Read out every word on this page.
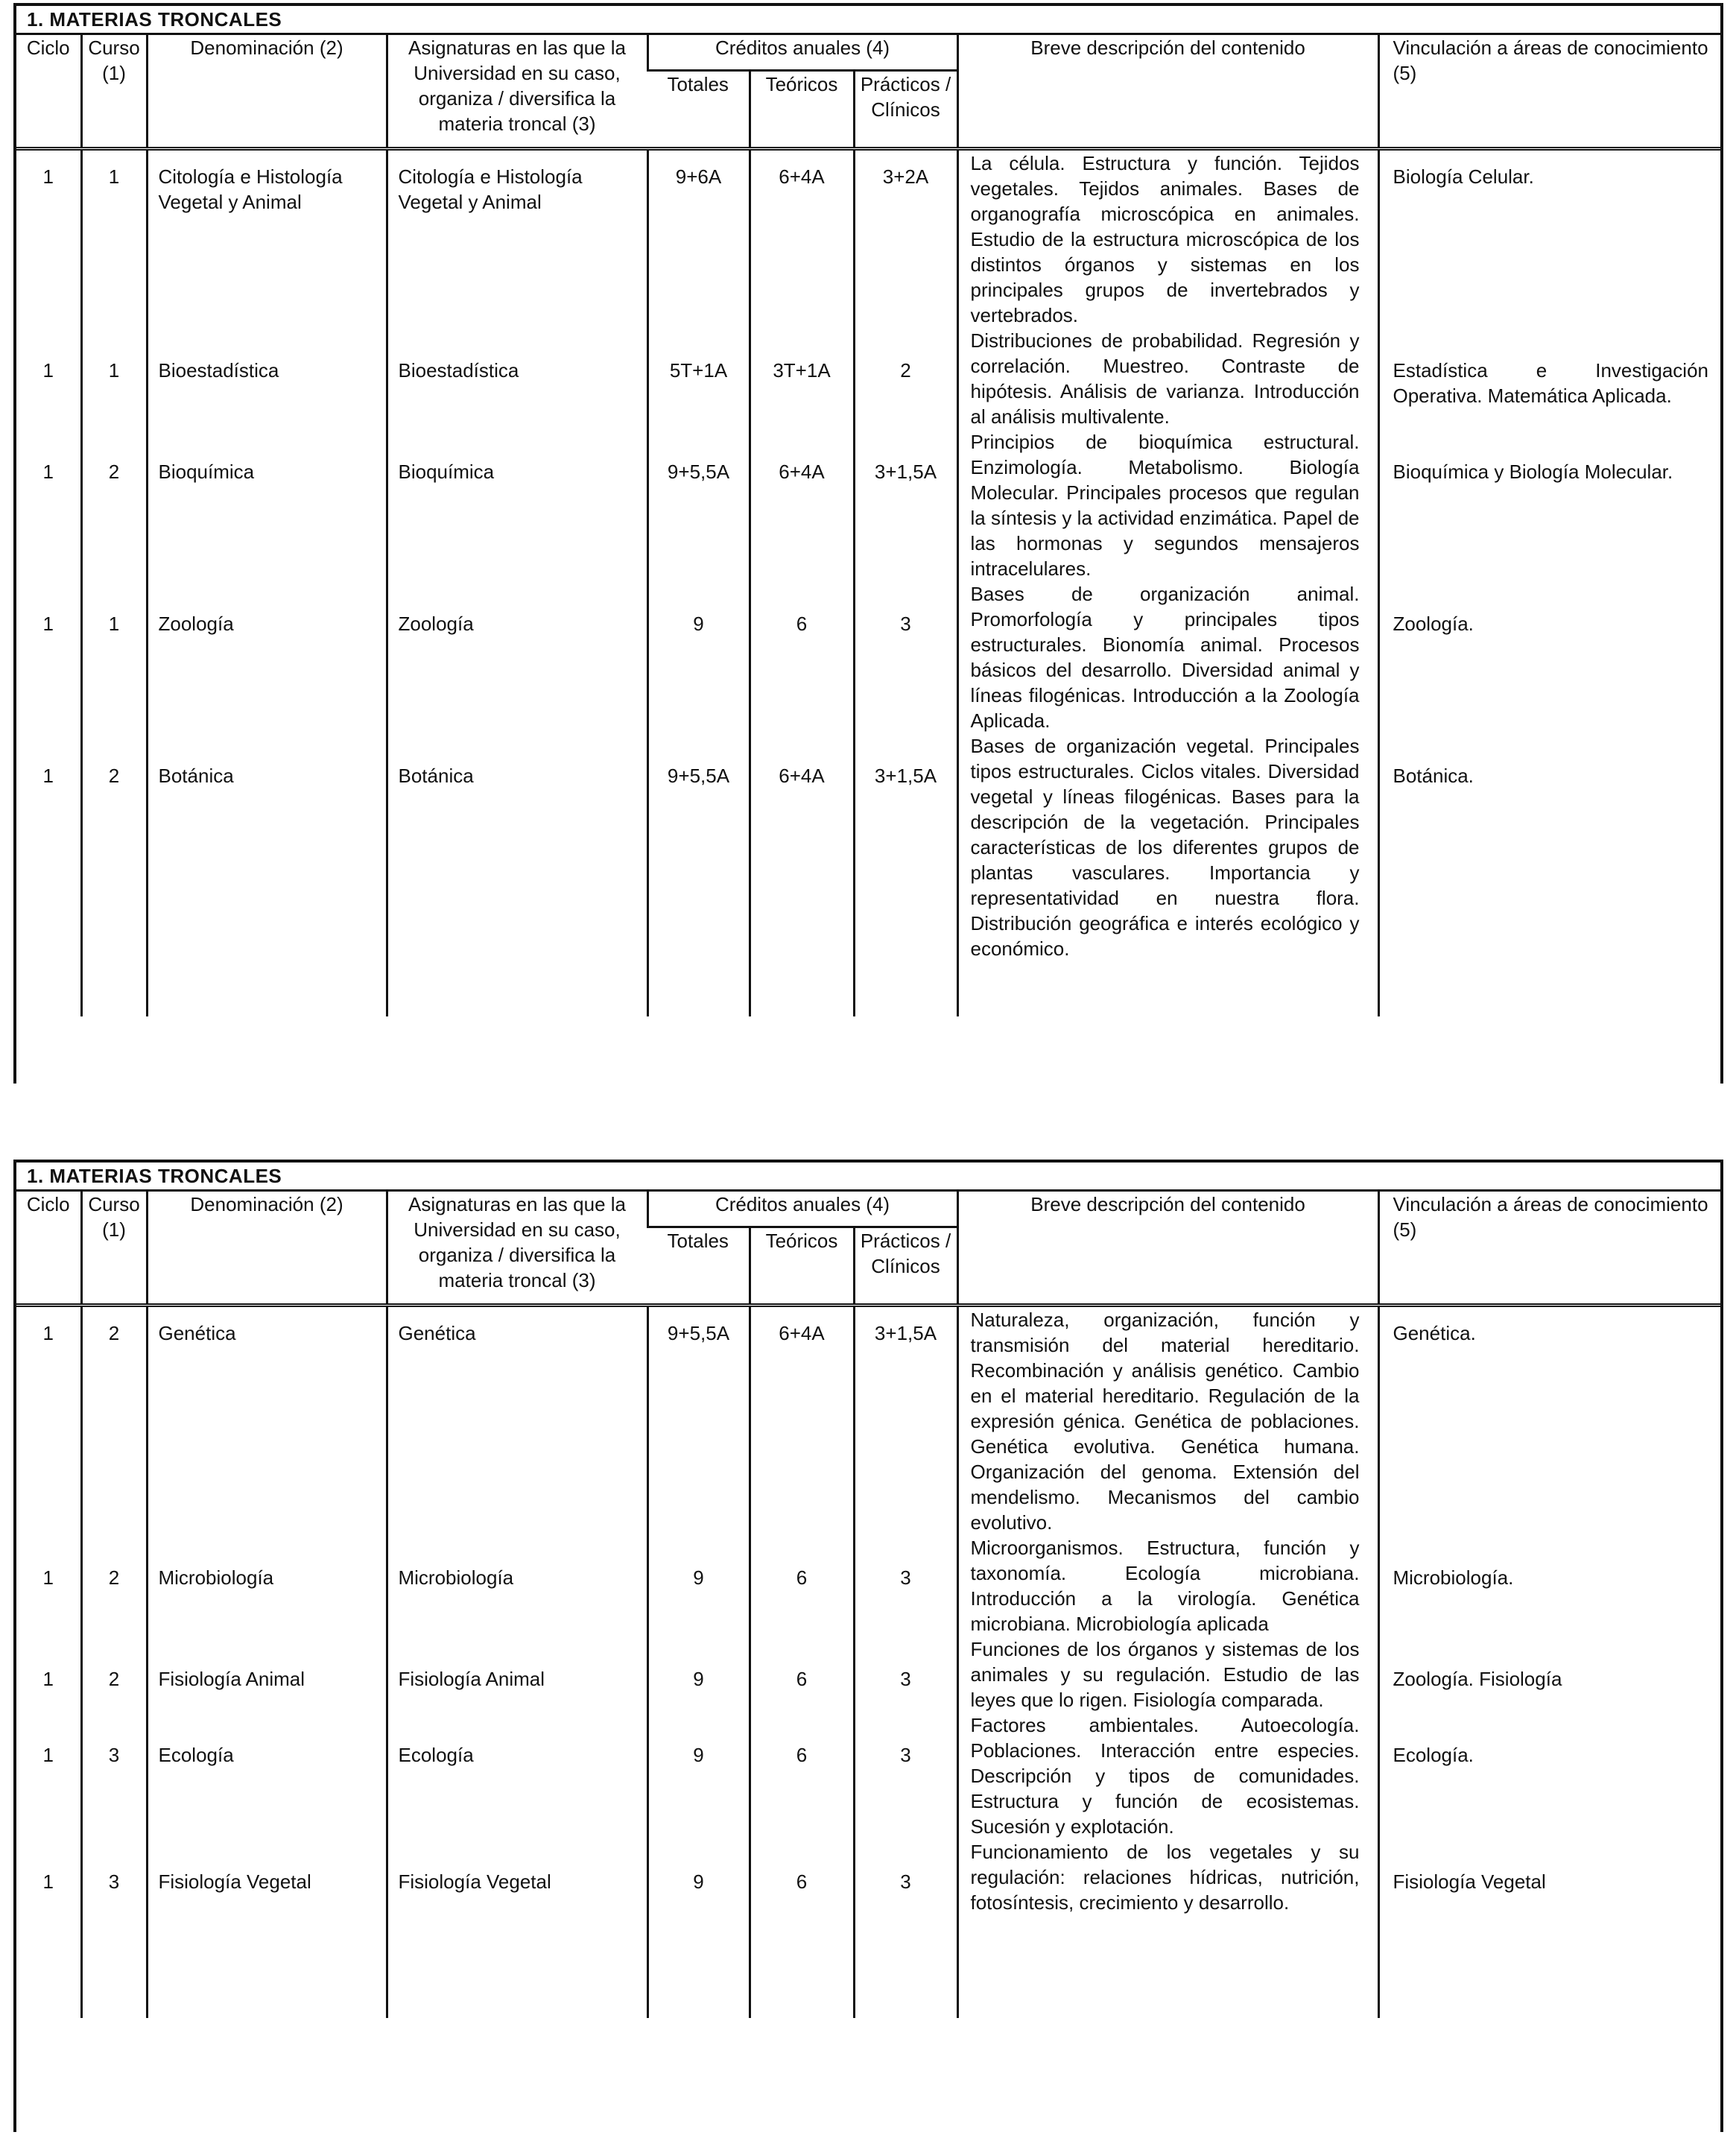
1. MATERIAS TRONCALES
Ciclo	Curso (1)	Denominación (2)	Asignaturas en las que la Universidad en su caso, organiza / diversifica la materia troncal (3)	Créditos anuales (4)			Breve descripción del contenido	Vinculación a áreas de conocimiento (5)
				Totales	Teóricos	Prácticos / Clínicos		
1	1	Citología e Histología Vegetal y Animal	Citología e Histología Vegetal y Animal	9+6A	6+4A	3+2A	La célula. Estructura y función. Tejidos vegetales. Tejidos animales. Bases de organografía microscópica en animales. Estudio de la estructura microscópica de los distintos órganos y sistemas en los principales grupos de invertebrados y vertebrados.	Biología Celular.
1	1	Bioestadística	Bioestadística	5T+1A	3T+1A	2	Distribuciones de probabilidad. Regresión y correlación. Muestreo. Contraste de hipótesis. Análisis de varianza. Introducción al análisis multivalente.	Estadística e Investigación Operativa. Matemática Aplicada.
1	2	Bioquímica	Bioquímica	9+5,5A	6+4A	3+1,5A	Principios de bioquímica estructural. Enzimología. Metabolismo. Biología Molecular. Principales procesos que regulan la síntesis y la actividad enzimática. Papel de las hormonas y segundos mensajeros intracelulares.	Bioquímica y Biología Molecular.
1	1	Zoología	Zoología	9	6	3	Bases de organización animal. Promorfología y principales tipos estructurales. Bionomía animal. Procesos básicos del desarrollo. Diversidad animal y líneas filogénicas. Introducción a la Zoología Aplicada.	Zoología.
1	2	Botánica	Botánica	9+5,5A	6+4A	3+1,5A	Bases de organización vegetal. Principales tipos estructurales. Ciclos vitales. Diversidad vegetal y líneas filogénicas. Bases para la descripción de la vegetación. Principales características de los diferentes grupos de plantas vasculares. Importancia y representatividad en nuestra flora. Distribución geográfica e interés ecológico y económico.	Botánica.
1. MATERIAS TRONCALES
Ciclo	Curso (1)	Denominación (2)	Asignaturas en las que la Universidad en su caso, organiza / diversifica la materia troncal (3)	Créditos anuales (4)			Breve descripción del contenido	Vinculación a áreas de conocimiento (5)
				Totales	Teóricos	Prácticos / Clínicos		
1	2	Genética	Genética	9+5,5A	6+4A	3+1,5A	Naturaleza, organización, función y transmisión del material hereditario. Recombinación y análisis genético. Cambio en el material hereditario. Regulación de la expresión génica. Genética de poblaciones. Genética evolutiva. Genética humana. Organización del genoma. Extensión del mendelismo. Mecanismos del cambio evolutivo.	Genética.
1	2	Microbiología	Microbiología	9	6	3	Microorganismos. Estructura, función y taxonomía. Ecología microbiana. Introducción a la virología. Genética microbiana. Microbiología aplicada	Microbiología.
1	2	Fisiología Animal	Fisiología Animal	9	6	3	Funciones de los órganos y sistemas de los animales y su regulación. Estudio de las leyes que lo rigen. Fisiología comparada.	Zoología. Fisiología
1	3	Ecología	Ecología	9	6	3	Factores ambientales. Autoecología. Poblaciones. Interacción entre especies. Descripción y tipos de comunidades. Estructura y función de ecosistemas. Sucesión y explotación.	Ecología.
1	3	Fisiología Vegetal	Fisiología Vegetal	9	6	3	Funcionamiento de los vegetales y su regulación: relaciones hídricas, nutrición, fotosíntesis, crecimiento y desarrollo.	Fisiología Vegetal
